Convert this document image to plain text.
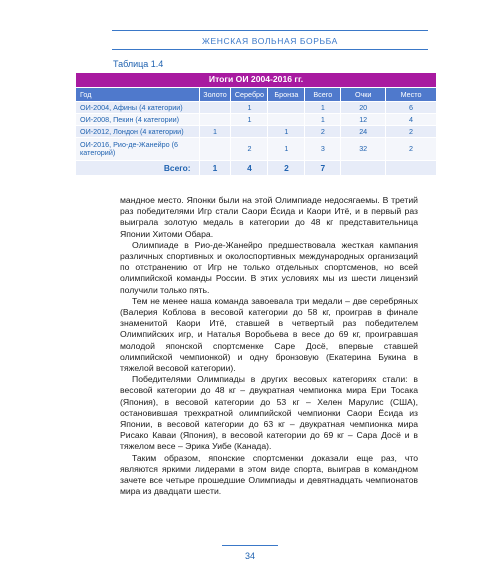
ЖЕНСКАЯ ВОЛЬНАЯ БОРЬБА
Таблица 1.4
Итоги ОИ 2004-2016 гг.						
Год	Золото	Серебро	Бронза	Всего	Очки	Место
ОИ-2004, Афины (4 категории)		1		1	20	6
ОИ-2008, Пекин (4 категории)		1		1	12	4
ОИ-2012, Лондон (4 категории)	1		1	2	24	2
ОИ-2016, Рио-де-Жанейро (6 категорий)		2	1	3	32	2
Всего:	1	4	2	7		

мандное место. Японки были на этой Олимпиаде недосягаемы. В третий раз победителями Игр стали Саори Ёсида и Каори Итё, и в первый раз выиграла золотую медаль в категории до 48 кг представительница Японии Хитоми Обара.

Олимпиаде в Рио-де-Жанейро предшествовала жесткая кампания различных спортивных и околоспортивных международных организаций по отстранению от Игр не только отдельных спортсменов, но всей олимпийской команды России. В этих условиях мы из шести лицензий получили только пять.

Тем не менее наша команда завоевала три медали – две серебряных (Валерия Коблова в весовой категории до 58 кг, проиграв в финале знаменитой Каори Итё, ставшей в четвертый раз победителем Олимпийских игр, и Наталья Воробьева в весе до 69 кг, проигравшая молодой японской спортсменке Саре Досё, впервые ставшей олимпийской чемпионкой) и одну бронзовую (Екатерина Букина в тяжелой весовой категории).

Победителями Олимпиады в других весовых категориях стали: в весовой категории до 48 кг – двукратная чемпионка мира Ери Тосака (Япония), в весовой категории до 53 кг – Хелен Марулис (США), остановившая трехкратной олимпийской чемпионки Саори Ёсида из Японии, в весовой категории до 63 кг – двукратная чемпионка мира Рисако Каваи (Япония), в весовой категории до 69 кг – Сара Досё и в тяжелом весе – Эрика Уибе (Канада).

Таким образом, японские спортсменки доказали еще раз, что являются яркими лидерами в этом виде спорта, выиграв в командном зачете все четыре прошедшие Олимпиады и девятнадцать чемпионатов мира из двадцати шести.

34
